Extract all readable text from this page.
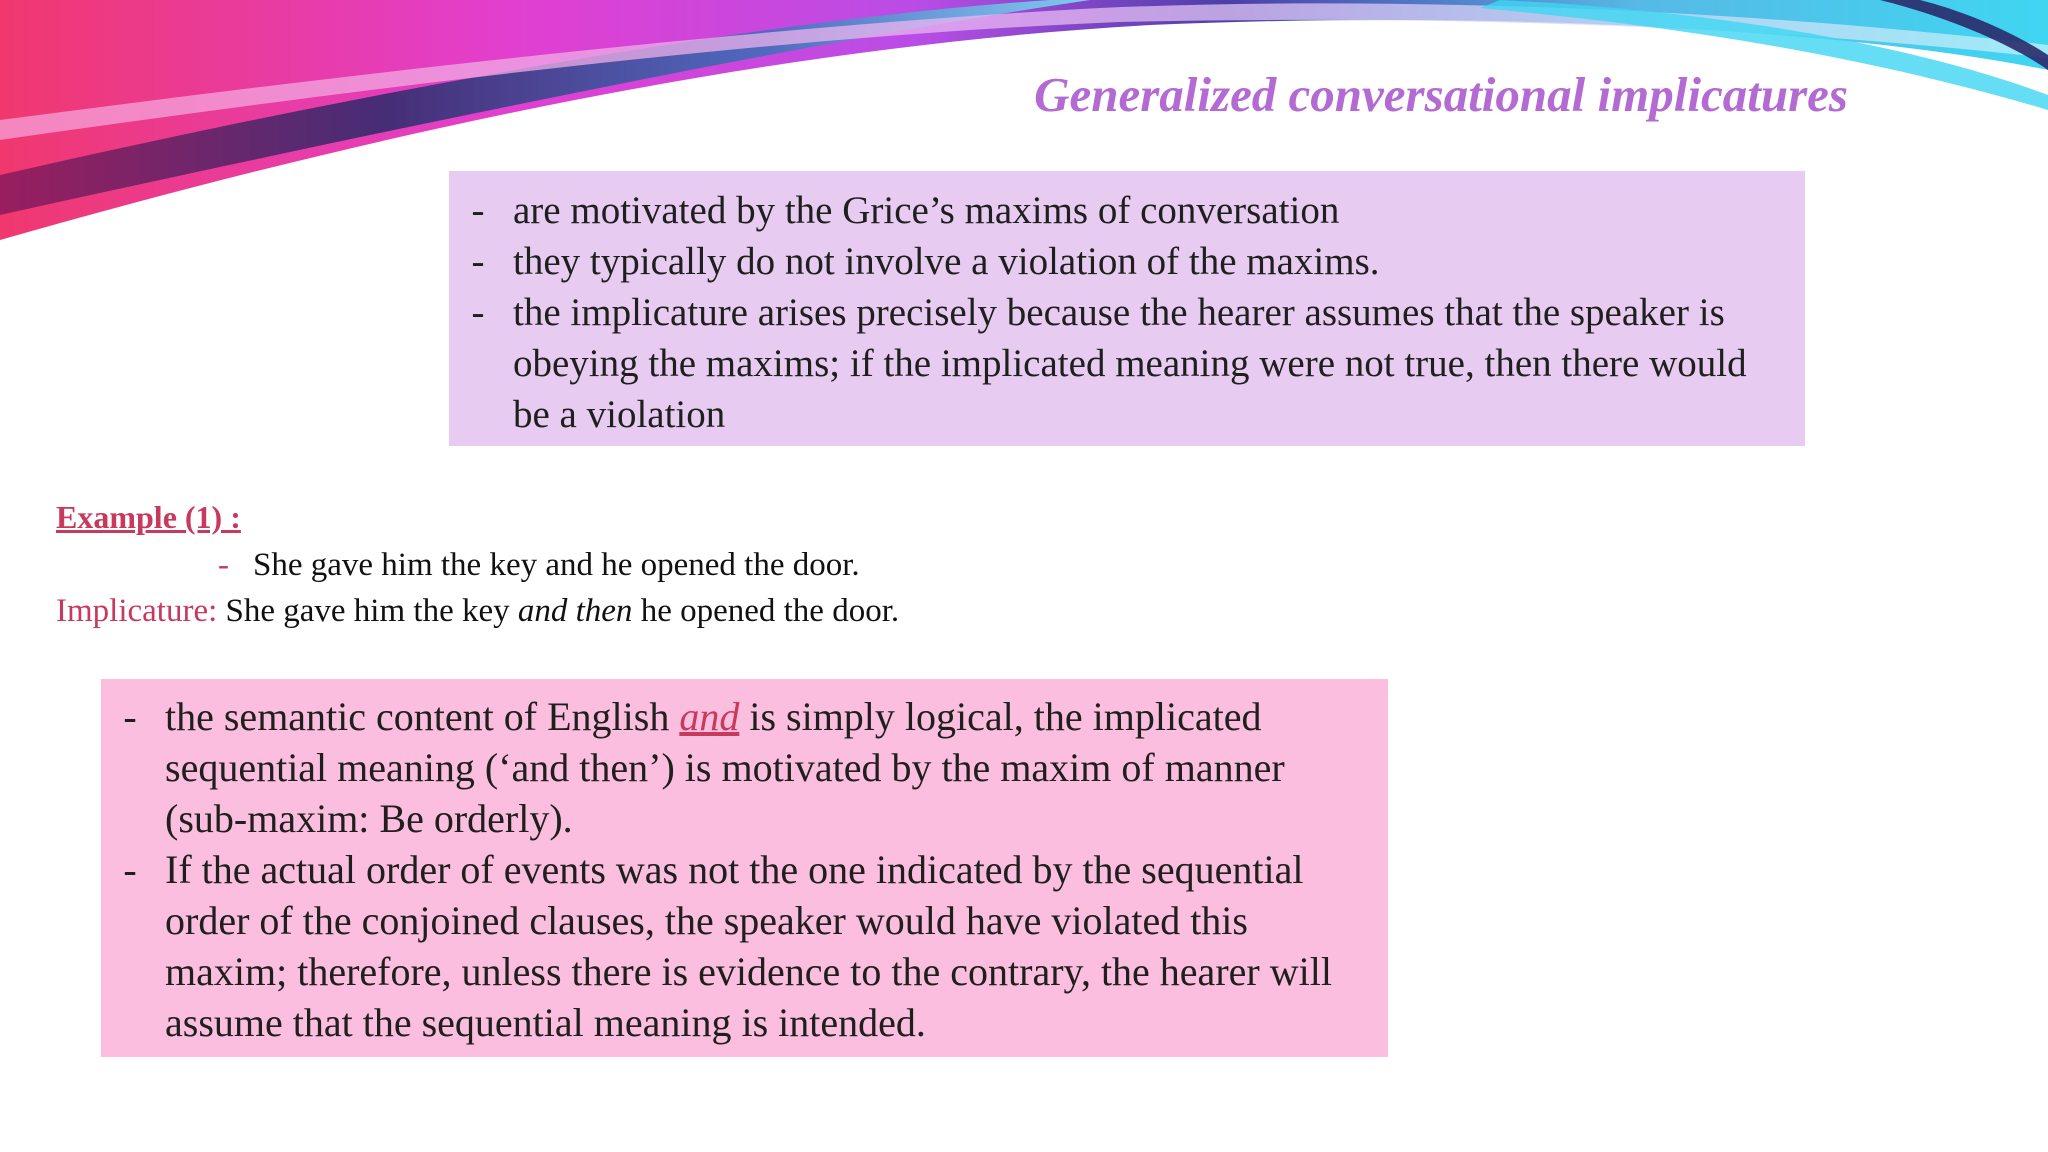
Generalized conversational implicatures
- are motivated by the Grice’s maxims of conversation
- they typically do not involve a violation of the maxims.
- the implicature arises precisely because the hearer assumes that the speaker is obeying the maxims; if the implicated meaning were not true, then there would be a violation
Example (1) :
- She gave him the key and he opened the door.
Implicature: She gave him the key and then he opened the door.
- the semantic content of English and is simply logical, the implicated sequential meaning (‘and then’) is motivated by the maxim of manner (sub-maxim: Be orderly).
- If the actual order of events was not the one indicated by the sequential order of the conjoined clauses, the speaker would have violated this maxim; therefore, unless there is evidence to the contrary, the hearer will assume that the sequential meaning is intended.
